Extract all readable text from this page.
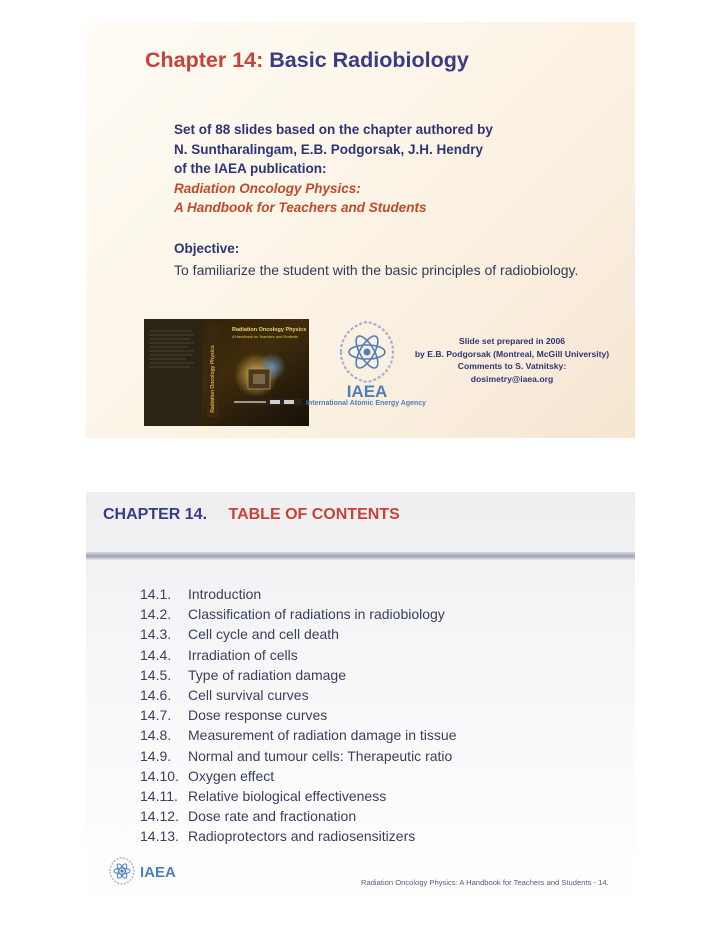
Chapter 14: Basic Radiobiology
Set of 88 slides based on the chapter authored by
N. Suntharalingam, E.B. Podgorsak, J.H. Hendry
of the IAEA publication:
Radiation Oncology Physics:
A Handbook for Teachers and Students
Objective:
To familiarize the student with the basic principles of radiobiology.
Radiation Oncology Physics
Radiation Oncology Physics
A Handbook for Teachers and Students
IAEA
International Atomic Energy Agency
Slide set prepared in 2006
by E.B. Podgorsak (Montreal, McGill University)
Comments to S. Vatnitsky:
dosimetry@iaea.org
CHAPTER 14. TABLE OF CONTENTS
14.1. Introduction
14.2. Classification of radiations in radiobiology
14.3. Cell cycle and cell death
14.4. Irradiation of cells
14.5. Type of radiation damage
14.6. Cell survival curves
14.7. Dose response curves
14.8. Measurement of radiation damage in tissue
14.9. Normal and tumour cells: Therapeutic ratio
14.10. Oxygen effect
14.11. Relative biological effectiveness
14.12. Dose rate and fractionation
14.13. Radioprotectors and radiosensitizers
IAEA
Radiation Oncology Physics: A Handbook for Teachers and Students - 14.
